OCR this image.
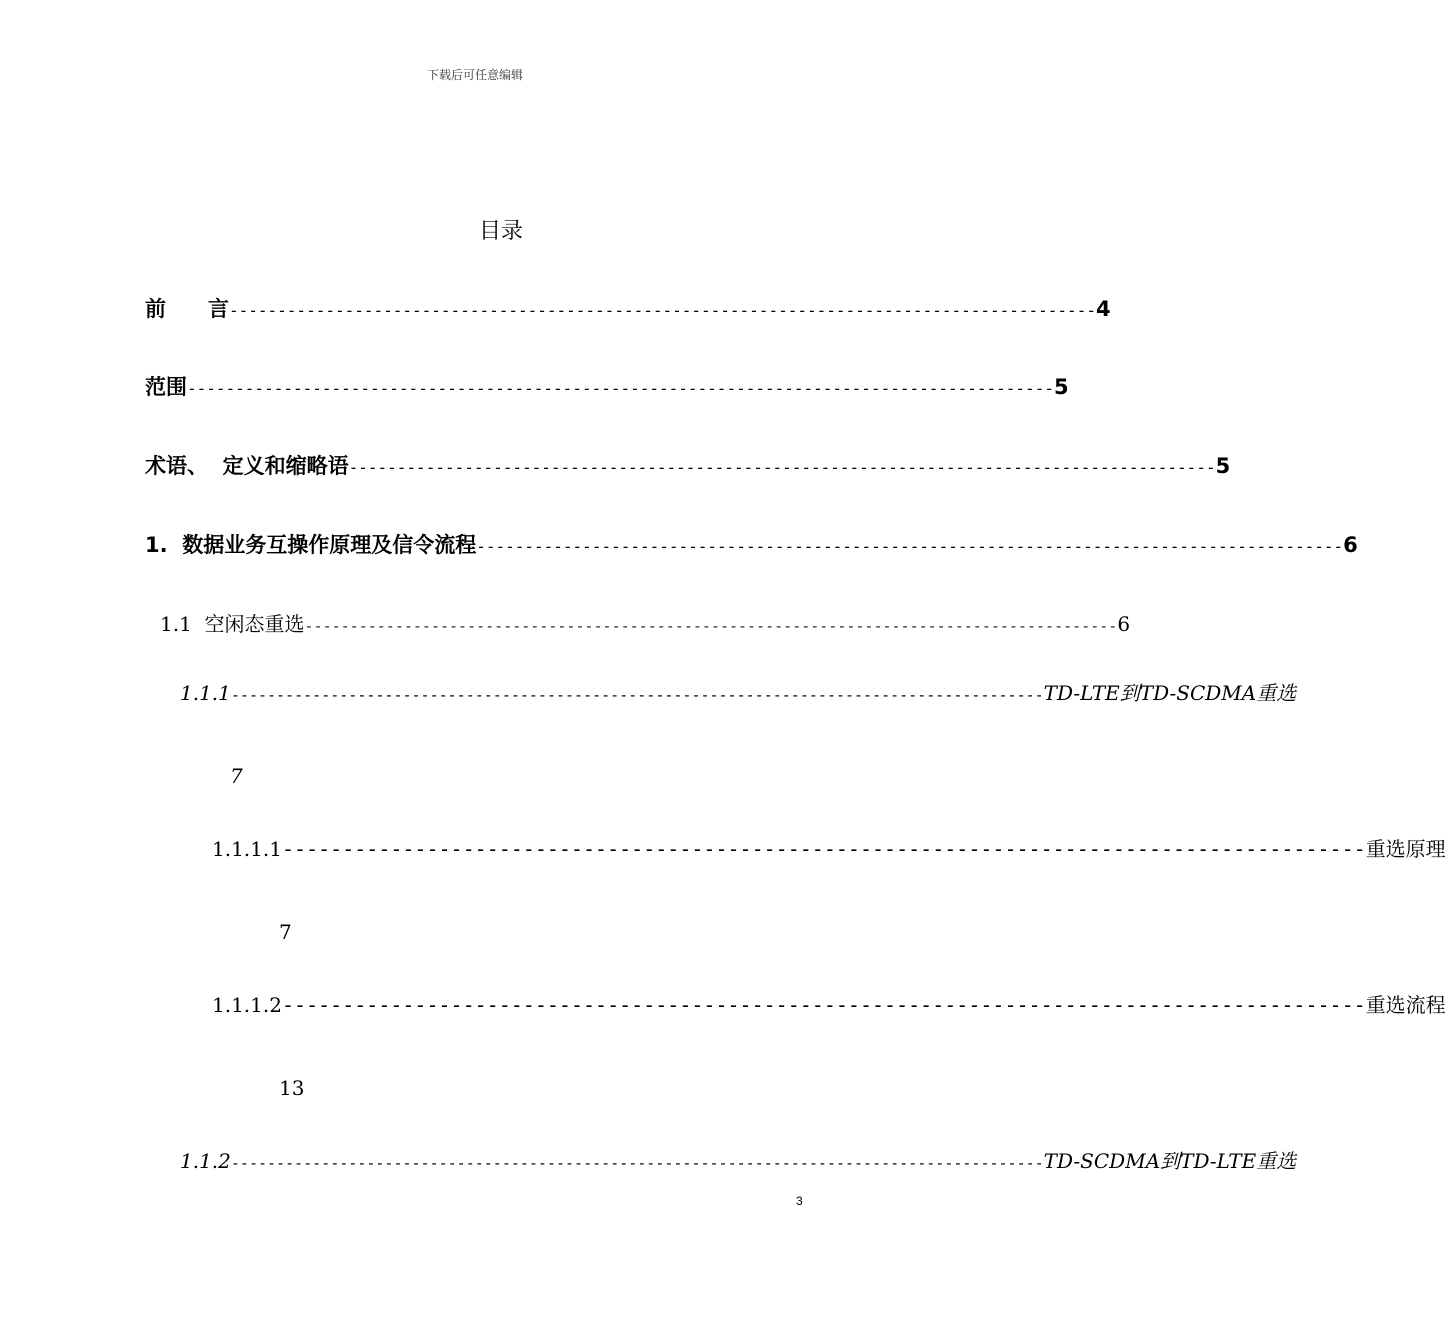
下载后可任意编辑
目录
前　　言 ------------------------------------------------------------------------------------------ 4
范围 ------------------------------------------------------------------------------------------ 5
术语、  定义和缩略语 ------------------------------------------------------------------------------------------ 5
1.  数据业务互操作原理及信令流程 ------------------------------------------------------------------------------------------ 6
1.1  空闲态重选 ------------------------------------------------------------------------------------------ 6
1.1.1 ------------------------------------------------------------------------------------------ TD-LTE到TD-SCDMA重选
7
1.1.1.1 ------------------------------------------------------------------------------------------ 重选原理
7
1.1.1.2 ------------------------------------------------------------------------------------------ 重选流程
13
1.1.2 ------------------------------------------------------------------------------------------ TD-SCDMA到TD-LTE重选
3
